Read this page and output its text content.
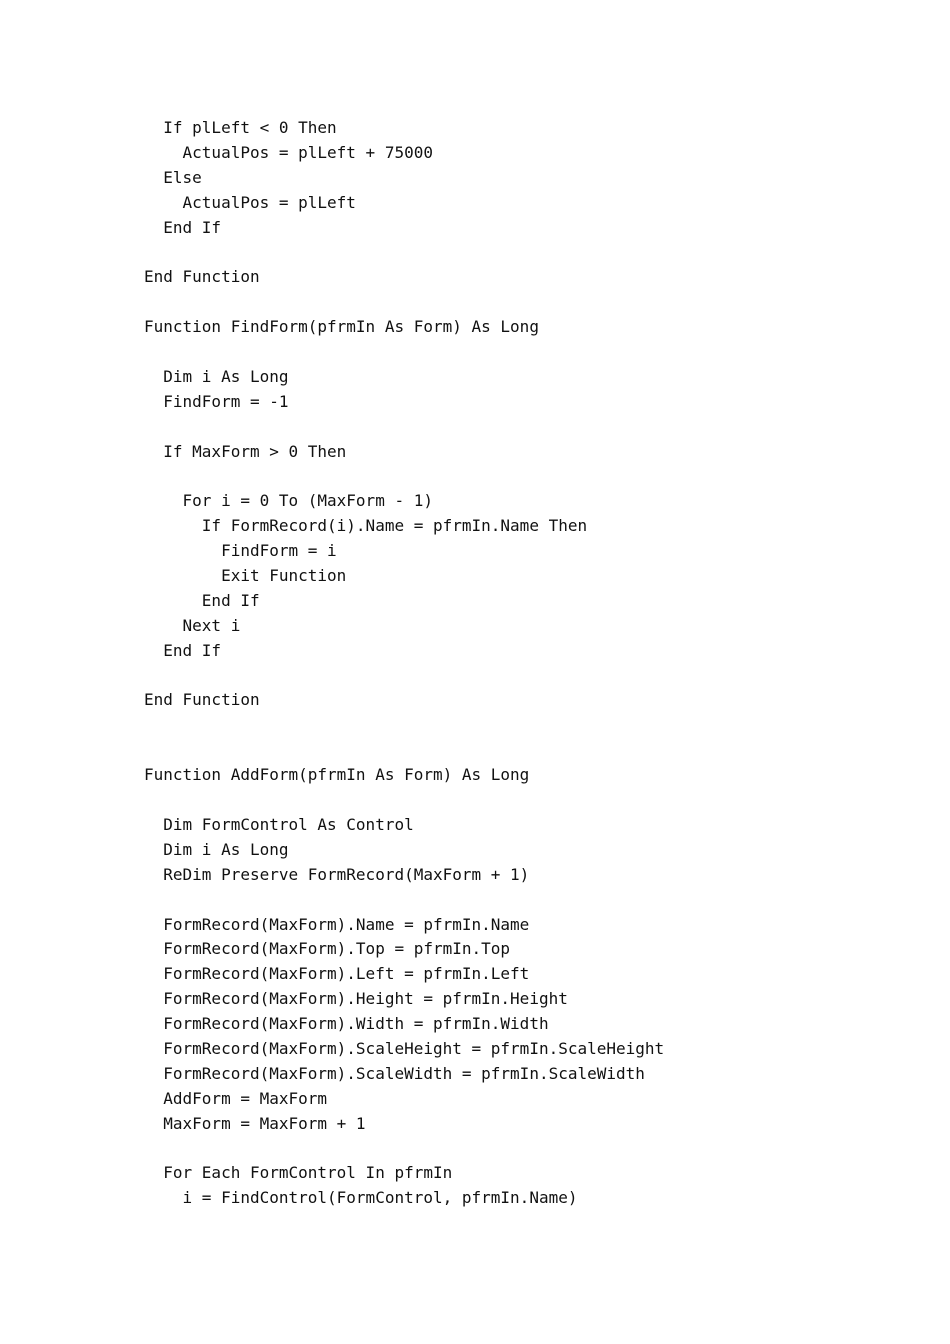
If plLeft < 0 Then
ActualPos = plLeft + 75000
Else
ActualPos = plLeft
End If
End Function
Function FindForm(pfrmIn As Form) As Long
Dim i As Long
FindForm = -1
If MaxForm > 0 Then
For i = 0 To (MaxForm - 1)
If FormRecord(i).Name = pfrmIn.Name Then
FindForm = i
Exit Function
End If
Next i
End If
End Function
Function AddForm(pfrmIn As Form) As Long
Dim FormControl As Control
Dim i As Long
ReDim Preserve FormRecord(MaxForm + 1)
FormRecord(MaxForm).Name = pfrmIn.Name
FormRecord(MaxForm).Top = pfrmIn.Top
FormRecord(MaxForm).Left = pfrmIn.Left
FormRecord(MaxForm).Height = pfrmIn.Height
FormRecord(MaxForm).Width = pfrmIn.Width
FormRecord(MaxForm).ScaleHeight = pfrmIn.ScaleHeight
FormRecord(MaxForm).ScaleWidth = pfrmIn.ScaleWidth
AddForm = MaxForm
MaxForm = MaxForm + 1
For Each FormControl In pfrmIn
i = FindControl(FormControl, pfrmIn.Name)
